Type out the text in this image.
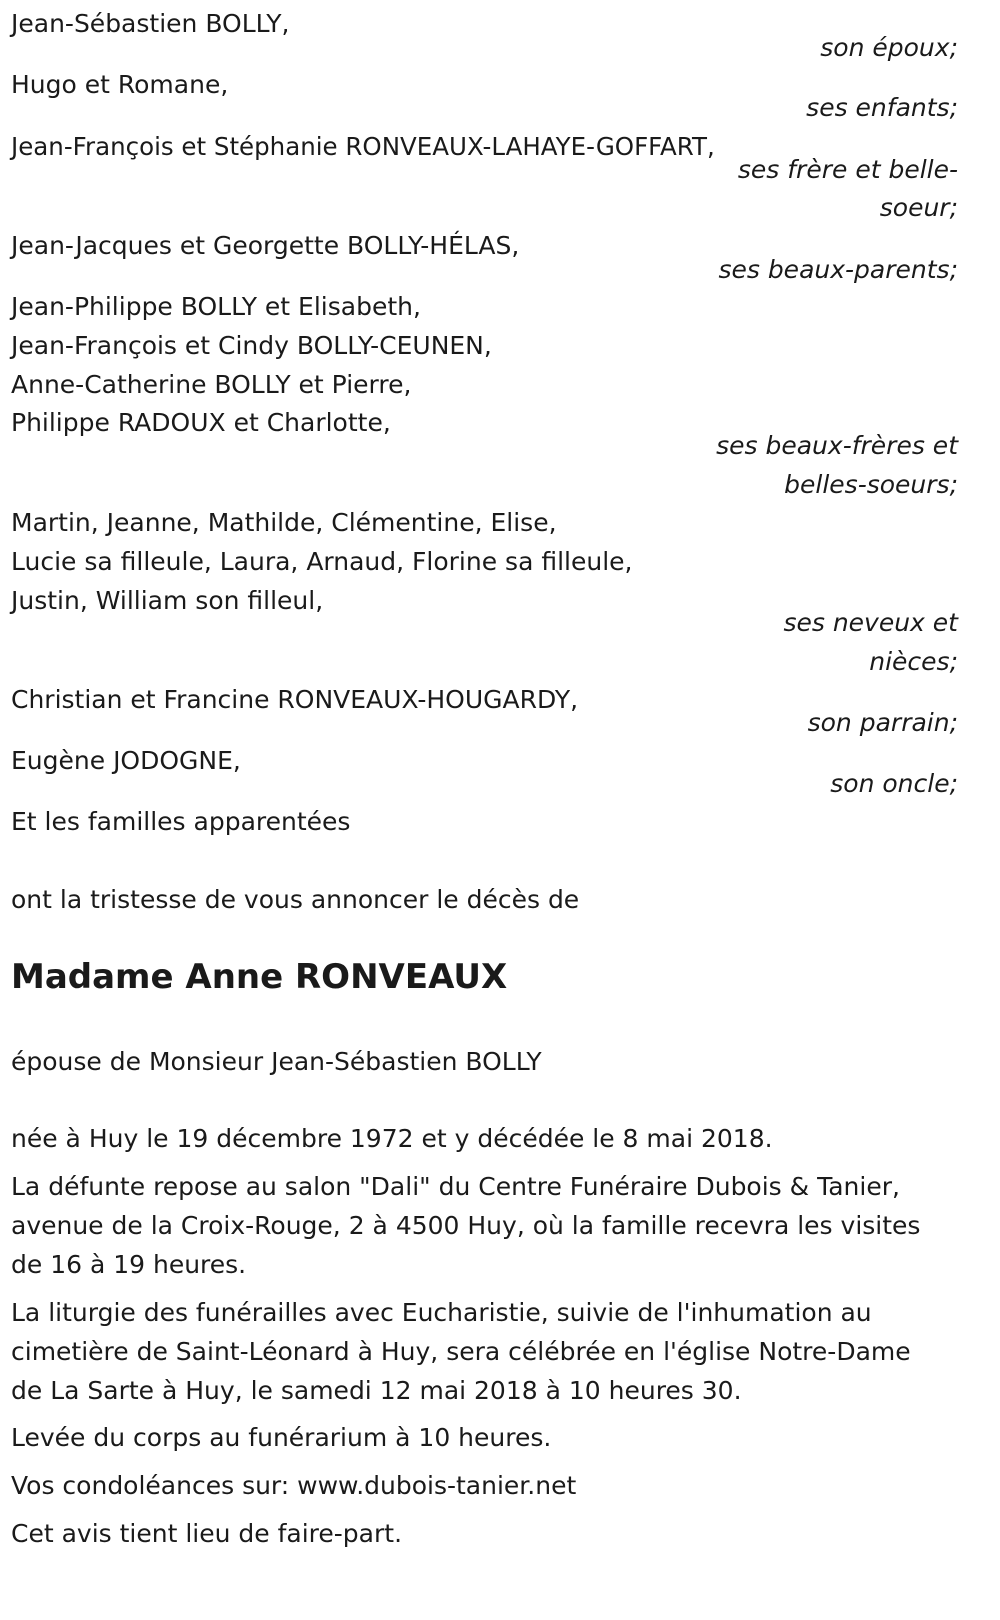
Jean-Sébastien BOLLY,
son époux;
Hugo et Romane,
ses enfants;
Jean-François et Stéphanie RONVEAUX-LAHAYE-GOFFART,
ses frère et belle-
soeur;
Jean-Jacques et Georgette BOLLY-HÉLAS,
ses beaux-parents;
Jean-Philippe BOLLY et Elisabeth,
Jean-François et Cindy BOLLY-CEUNEN,
Anne-Catherine BOLLY et Pierre,
Philippe RADOUX et Charlotte,
ses beaux-frères et
belles-soeurs;
Martin, Jeanne, Mathilde, Clémentine, Elise,
Lucie sa filleule, Laura, Arnaud, Florine sa filleule,
Justin, William son filleul,
ses neveux et
nièces;
Christian et Francine RONVEAUX-HOUGARDY,
son parrain;
Eugène JODOGNE,
son oncle;
Et les familles apparentées
ont la tristesse de vous annoncer le décès de
Madame Anne RONVEAUX
épouse de Monsieur Jean-Sébastien BOLLY
née à Huy le 19 décembre 1972 et y décédée le 8 mai 2018.
La défunte repose au salon "Dali" du Centre Funéraire Dubois & Tanier,
avenue de la Croix-Rouge, 2 à 4500 Huy, où la famille recevra les visites
de 16 à 19 heures.
La liturgie des funérailles avec Eucharistie, suivie de l'inhumation au
cimetière de Saint-Léonard à Huy, sera célébrée en l'église Notre-Dame
de La Sarte à Huy, le samedi 12 mai 2018 à 10 heures 30.
Levée du corps au funérarium à 10 heures.
Vos condoléances sur: www.dubois-tanier.net
Cet avis tient lieu de faire-part.
